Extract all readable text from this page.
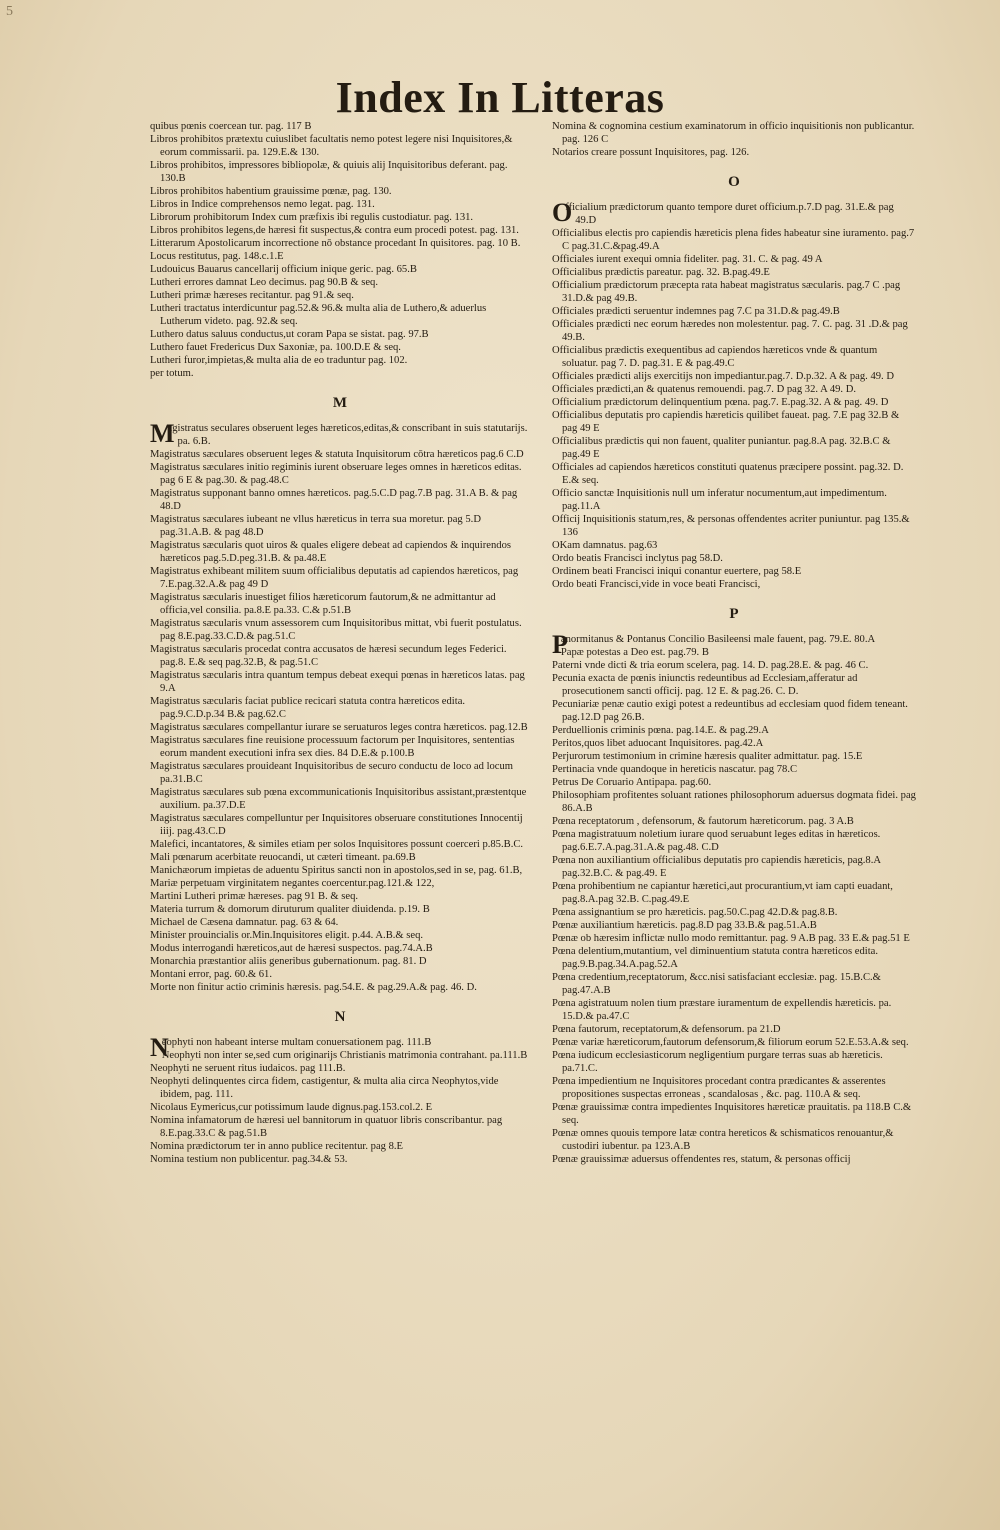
5
Index In Litteras

quibus pœnis coercean tur. pag. 117 B

Libros prohibitos prætextu cuiuslibet facultatis nemo potest legere nisi Inquisitores,& eorum commissarii. pa. 129.E.& 130.

Libros prohibitos, impressores bibliopolæ, & quiuis alij Inquisitoribus deferant. pag. 130.B

Libros prohibitos habentium grauissime pœnæ, pag. 130.

Libros in Indice comprehensos nemo legat. pag. 131.

Librorum prohibitorum Index cum præfixis ibi regulis custodiatur. pag. 131.

Libros prohibitos legens,de hæresi fit suspectus,& contra eum procedi potest. pag. 131.

Litterarum Apostolicarum incorrectione nō obstance procedant In quisitores. pag. 10 B.

Locus restitutus, pag. 148.c.1.E

Ludouicus Bauarus cancellarij officium inique geric. pag. 65.B

Lutheri errores damnat Leo decimus. pag 90.B & seq.

Lutheri primæ hæreses recitantur. pag 91.& seq.

Lutheri tractatus interdicuntur pag.52.& 96.& multa alia de Luthero,& aduerlus Lutherum videto. pag. 92.& seq.

Luthero datus saluus conductus,ut coram Papa se sistat. pag. 97.B

Luthero fauet Fredericus Dux Saxoniæ, pa. 100.D.E & seq.

Lutheri furor,impietas,& multa alia de eo traduntur pag. 102.

per totum.

M

Magistratus seculares obseruent leges hæreticos,editas,& conscribant in suis statutarijs. pa. 6.B.

Magistratus sæculares obseruent leges & statuta Inquisitorum cōtra hæreticos pag.6 C.D

Magistratus sæculares initio regiminis iurent obseruare leges omnes in hæreticos editas. pag 6 E & pag.30. & pag.48.C

Magistratus supponant banno omnes hæreticos. pag.5.C.D pag.7.B pag. 31.A B. & pag 48.D

Magistratus sæculares iubeant ne vllus hæreticus in terra sua moretur. pag 5.D pag.31.A.B. & pag 48.D

Magistratus sæcularis quot uiros & quales eligere debeat ad capiendos & inquirendos hæreticos pag.5.D.peg.31.B. & pa.48.E

Magistratus exhibeant militem suum officialibus deputatis ad capiendos hæreticos, pag 7.E.pag.32.A.& pag 49 D

Magistratus sæcularis inuestiget filios hæreticorum fautorum,& ne admittantur ad officia,vel consilia. pa.8.E pa.33. C.& p.51.B

Magistratus sæcularis vnum assessorem cum Inquisitoribus mittat, vbi fuerit postulatus. pag 8.E.pag.33.C.D.& pag.51.C

Magistratus sæcularis procedat contra accusatos de hæresi secundum leges Federici. pag.8. E.& seq pag.32.B, & pag.51.C

Magistratus sæcularis intra quantum tempus debeat exequi pœnas in hæreticos latas. pag 9.A

Magistratus sæcularis faciat publice recicari statuta contra hæreticos edita. pag.9.C.D.p.34 B.& pag.62.C

Magistratus sæculares compellantur iurare se seruaturos leges contra hæreticos. pag.12.B

Magistratus sæculares fine reuisione processuum factorum per Inquisitores, sententias eorum mandent executioni infra sex dies. 84 D.E.& p.100.B

Magistratus sæculares prouideant Inquisitoribus de securo conductu de loco ad locum pa.31.B.C

Magistratus sæculares sub pœna excommunicationis Inquisitoribus assistant,præstentque auxilium. pa.37.D.E

Magistratus sæculares compelluntur per Inquisitores obseruare constitutiones Innocentij iiij. pag.43.C.D

Malefici, incantatores, & similes etiam per solos Inquisitores possunt coerceri p.85.B.C.

Mali pœnarum acerbitate reuocandi, ut cæteri timeant. pa.69.B

Manichæorum impietas de aduentu Spiritus sancti non in apostolos,sed in se, pag. 61.B,

Mariæ perpetuam virginitatem negantes coercentur.pag.121.& 122,

Martini Lutheri primæ hæreses. pag 91 B. & seq.

Materia turrum & domorum diruturum qualiter diuidenda. p.19. B

Michael de Cæsena damnatur. pag. 63 & 64.

Minister prouincialis or.Min.Inquisitores eligit. p.44. A.B.& seq.

Modus interrogandi hæreticos,aut de hæresi suspectos. pag.74.A.B

Monarchia præstantior aliis generibus gubernationum. pag. 81. D

Montani error, pag. 60.& 61.

Morte non finitur actio criminis hæresis. pag.54.E. & pag.29.A.& pag. 46. D.

N

Neophyti non habeant interse multam conuersationem pag. 111.B

Neophyti non inter se,sed cum originarijs Christianis matrimonia contrahant. pa.111.B

Neophyti ne seruent ritus iudaicos. pag 111.B.

Neophyti delinquentes circa fidem, castigentur, & multa alia circa Neophytos,vide ibidem, pag. 111.

Nicolaus Eymericus,cur potissimum laude dignus.pag.153.col.2. E

Nomina infamatorum de hæresi uel bannitorum in quatuor libris conscribantur. pag 8.E.pag.33.C & pag.51.B

Nomina prædictorum ter in anno publice recitentur. pag 8.E

Nomina testium non publicentur. pag.34.& 53.

Nomina & cognomina cestium examinatorum in officio inquisitionis non publicantur. pag. 126 C

Notarios creare possunt Inquisitores, pag. 126.

O

Officialium prædictorum quanto tempore duret officium.p.7.D pag. 31.E.& pag 49.D

Officialibus electis pro capiendis hæreticis plena fides habeatur sine iuramento. pag.7 C pag.31.C.&pag.49.A

Officiales iurent exequi omnia fideliter. pag. 31. C. & pag. 49 A

Officialibus prædictis pareatur. pag. 32. B.pag.49.E

Officialium prædictorum præcepta rata habeat magistratus sæcularis. pag.7 C .pag 31.D.& pag 49.B.

Officiales prædicti seruentur indemnes pag 7.C pa 31.D.& pag.49.B

Officiales prædicti nec eorum hæredes non molestentur. pag. 7. C. pag. 31 .D.& pag 49.B.

Officialibus prædictis exequentibus ad capiendos hæreticos vnde & quantum soluatur. pag 7. D. pag.31. E & pag.49.C

Officiales prædicti alijs exercitijs non impediantur.pag.7. D.p.32. A & pag. 49. D

Officiales prædicti,an & quatenus remouendi. pag.7. D pag 32. A 49. D.

Officialium prædictorum delinquentium pœna. pag.7. E.pag.32. A & pag. 49. D

Officialibus deputatis pro capiendis hæreticis quilibet faueat. pag. 7.E pag 32.B & pag 49 E

Officialibus prædictis qui non fauent, qualiter puniantur. pag.8.A pag. 32.B.C & pag.49 E

Officiales ad capiendos hæreticos constituti quatenus præcipere possint. pag.32. D. E.& seq.

Officio sanctæ Inquisitionis null um inferatur nocumentum,aut impedimentum. pag.11.A

Officij Inquisitionis statum,res, & personas offendentes acriter puniuntur. pag 135.& 136

OKam damnatus. pag.63

Ordo beatis Francisci inclytus pag 58.D.

Ordinem beati Francisci iniqui conantur euertere, pag 58.E

Ordo beati Francisci,vide in voce beati Francisci,

P

Panormitanus & Pontanus Concilio Basileensi male fauent, pag. 79.E. 80.A

Papæ potestas a Deo est. pag.79. B

Paterni vnde dicti & tria eorum scelera, pag. 14. D. pag.28.E. & pag. 46 C.

Pecunia exacta de pœnis iniunctis redeuntibus ad Ecclesiam,afferatur ad prosecutionem sancti officij. pag. 12 E. & pag.26. C. D.

Pecuniariæ penæ cautio exigi potest a redeuntibus ad ecclesiam quod fidem teneant. pag.12.D pag 26.B.

Perduellionis criminis pœna. pag.14.E. & pag.29.A

Peritos,quos libet aduocant Inquisitores. pag.42.A

Perjurorum testimonium in crimine hæresis qualiter admittatur. pag. 15.E

Pertinacia vnde quandoque in hereticis nascatur. pag 78.C

Petrus De Coruario Antipapa. pag.60.

Philosophiam profitentes soluant rationes philosophorum aduersus dogmata fidei. pag 86.A.B

Pœna receptatorum , defensorum, & fautorum hæreticorum. pag. 3 A.B

Pœna magistratuum noletium iurare quod seruabunt leges editas in hæreticos. pag.6.E.7.A.pag.31.A.& pag.48. C.D

Pœna non auxiliantium officialibus deputatis pro capiendis hæreticis, pag.8.A pag.32.B.C. & pag.49. E

Pœna prohibentium ne capiantur hæretici,aut procurantium,vt iam capti euadant, pag.8.A.pag 32.B. C.pag.49.E

Pœna assignantium se pro hæreticis. pag.50.C.pag 42.D.& pag.8.B.

Pœnæ auxiliantium hæreticis. pag.8.D pag 33.B.& pag.51.A.B

Pœnæ ob hæresim inflictæ nullo modo remittantur. pag. 9 A.B pag. 33 E.& pag.51 E

Pœna delentium,mutantium, vel diminuentium statuta contra hæreticos edita. pag.9.B.pag.34.A.pag.52.A

Pœna credentium,receptatorum, &cc.nisi satisfaciant ecclesiæ. pag. 15.B.C.& pag.47.A.B

Pœna agistratuum nolen tium præstare iuramentum de expellendis hæreticis. pa. 15.D.& pa.47.C

Pœna fautorum, receptatorum,& defensorum. pa 21.D

Pœnæ variæ hæreticorum,fautorum defensorum,& filiorum eorum 52.E.53.A.& seq.

Pœna iudicum ecclesiasticorum negligentium purgare terras suas ab hæreticis. pa.71.C.

Pœna impedientium ne Inquisitores procedant contra prædicantes & asserentes propositiones suspectas erroneas , scandalosas , &c. pag. 110.A & seq.

Pœnæ grauissimæ contra impedientes Inquisitores hæreticæ prauitatis. pa 118.B C.& seq.

Pœnæ omnes quouis tempore latæ contra hereticos & schismaticos renouantur,& custodiri iubentur. pa 123.A.B

Pœnæ grauissimæ aduersus offendentes res, statum, & personas officij
